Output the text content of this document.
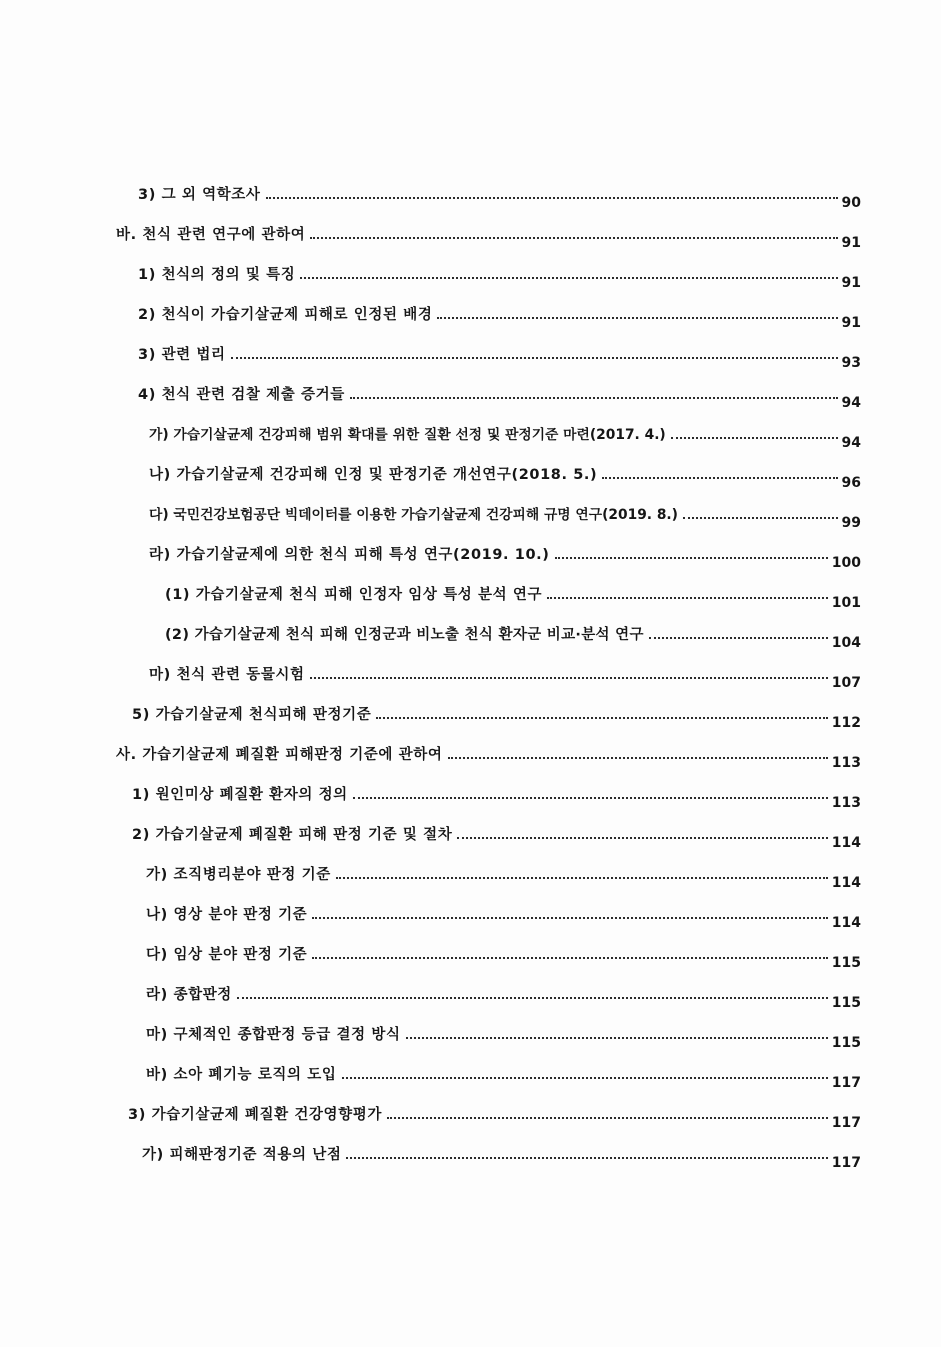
3) 그 외 역학조사	90
바. 천식 관련 연구에 관하여	91
1) 천식의 정의 및 특징	91
2) 천식이 가습기살균제 피해로 인정된 배경	91
3) 관련 법리	93
4) 천식 관련 검찰 제출 증거들	94
가) 가습기살균제 건강피해 범위 확대를 위한 질환 선정 및 판정기준 마련(2017. 4.)	94
나) 가습기살균제 건강피해 인정 및 판정기준 개선연구(2018. 5.)	96
다) 국민건강보험공단 빅데이터를 이용한 가습기살균제 건강피해 규명 연구(2019. 8.)	99
라) 가습기살균제에 의한 천식 피해 특성 연구(2019. 10.)	100
(1) 가습기살균제 천식 피해 인정자 임상 특성 분석 연구	101
(2) 가습기살균제 천식 피해 인정군과 비노출 천식 환자군 비교·분석 연구	104
마) 천식 관련 동물시험	107
5) 가습기살균제 천식피해 판정기준	112
사. 가습기살균제 폐질환 피해판정 기준에 관하여	113
1) 원인미상 폐질환 환자의 정의	113
2) 가습기살균제 폐질환 피해 판정 기준 및 절차	114
가) 조직병리분야 판정 기준	114
나) 영상 분야 판정 기준	114
다) 임상 분야 판정 기준	115
라) 종합판정	115
마) 구체적인 종합판정 등급 결정 방식	115
바) 소아 폐기능 로직의 도입	117
3) 가습기살균제 폐질환 건강영향평가	117
가) 피해판정기준 적용의 난점	117
